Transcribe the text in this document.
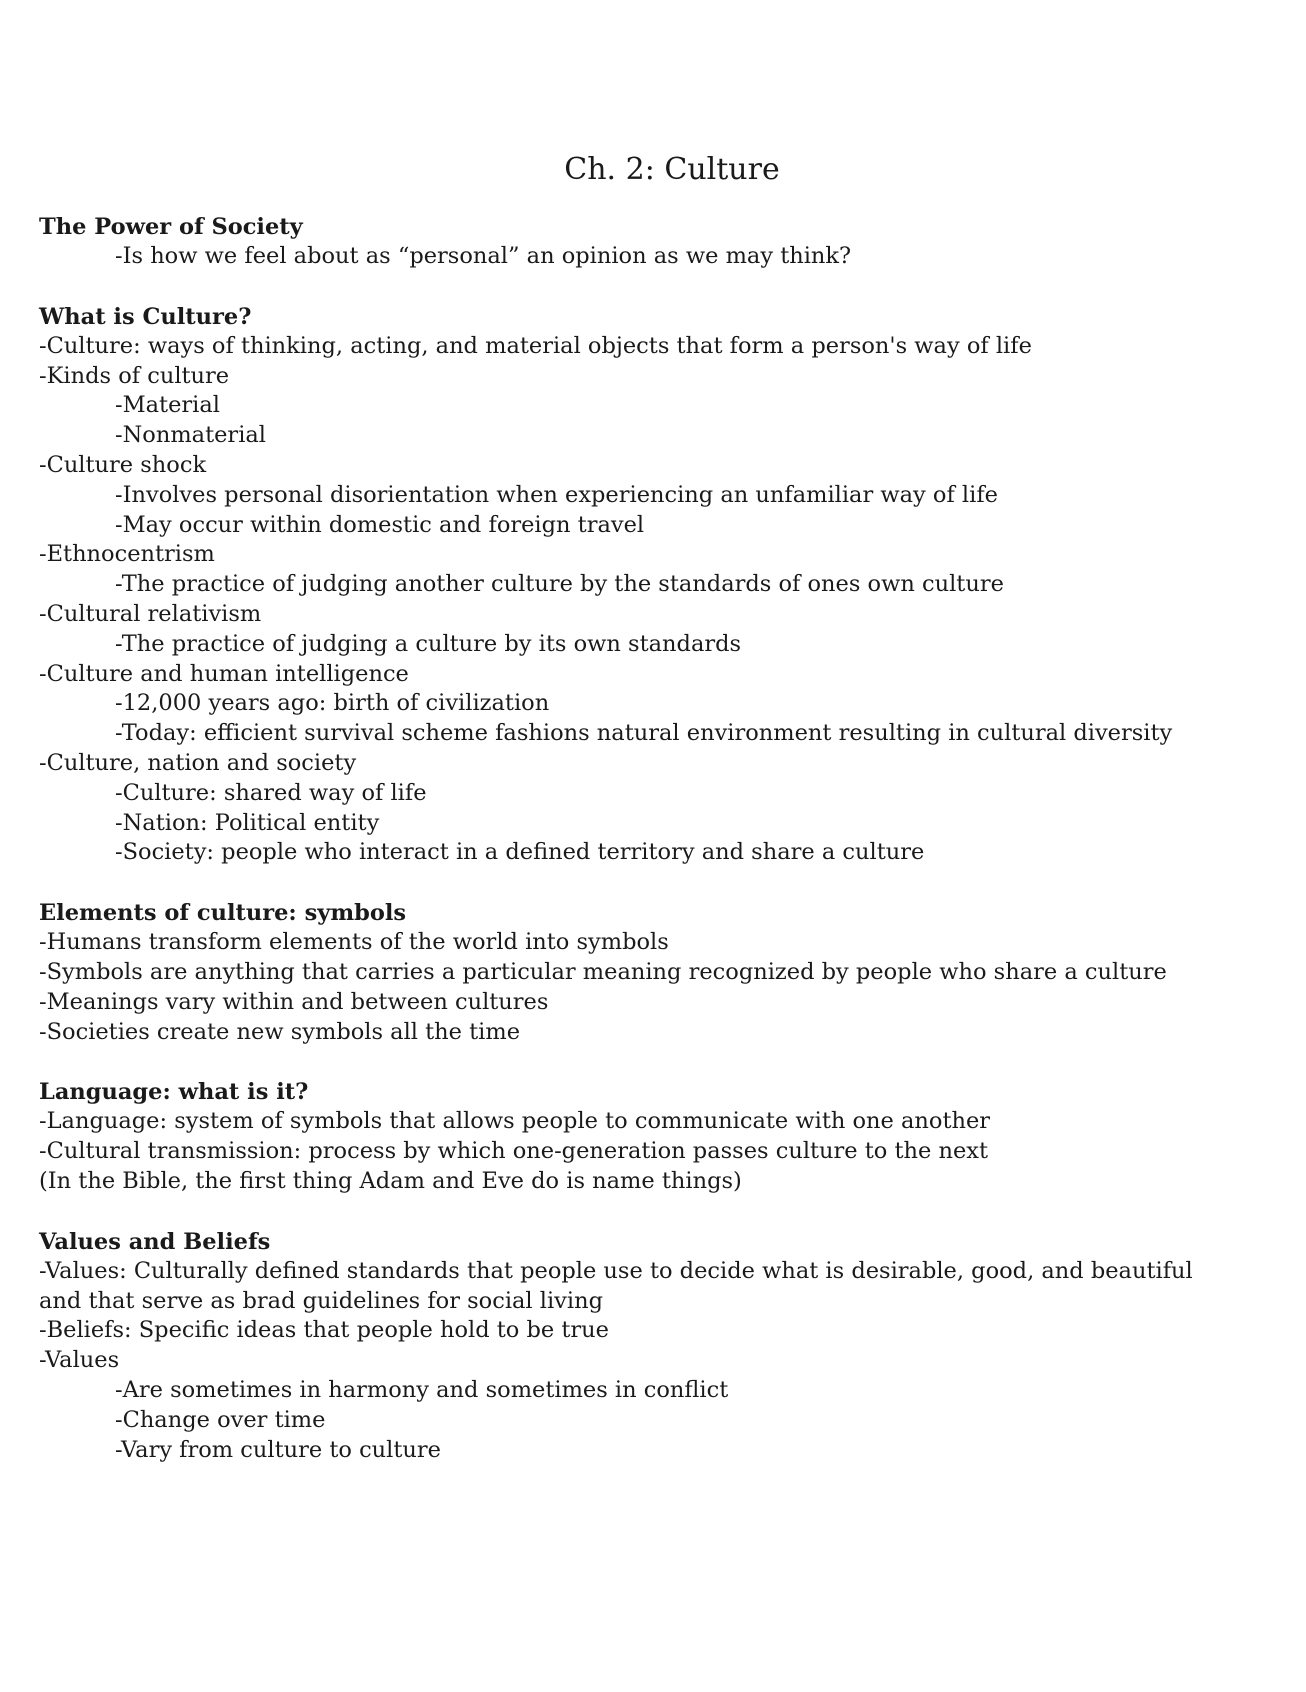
Ch. 2: Culture

The Power of Society

-Is how we feel about as “personal” an opinion as we may think?

What is Culture?

-Culture: ways of thinking, acting, and material objects that form a person's way of life

-Kinds of culture

-Material

-Nonmaterial

-Culture shock

-Involves personal disorientation when experiencing an unfamiliar way of life

-May occur within domestic and foreign travel

-Ethnocentrism

-The practice of judging another culture by the standards of ones own culture

-Cultural relativism

-The practice of judging a culture by its own standards

-Culture and human intelligence

-12,000 years ago: birth of civilization

-Today: efficient survival scheme fashions natural environment resulting in cultural diversity

-Culture, nation and society

-Culture: shared way of life

-Nation: Political entity

-Society: people who interact in a defined territory and share a culture

Elements of culture: symbols

-Humans transform elements of the world into symbols

-Symbols are anything that carries a particular meaning recognized by people who share a culture

-Meanings vary within and between cultures

-Societies create new symbols all the time

Language: what is it?

-Language: system of symbols that allows people to communicate with one another

-Cultural transmission: process by which one-generation passes culture to the next

(In the Bible, the first thing Adam and Eve do is name things)

Values and Beliefs

-Values: Culturally defined standards that people use to decide what is desirable, good, and beautiful and that serve as brad guidelines for social living

-Beliefs: Specific ideas that people hold to be true

-Values

-Are sometimes in harmony and sometimes in conflict

-Change over time

-Vary from culture to culture
